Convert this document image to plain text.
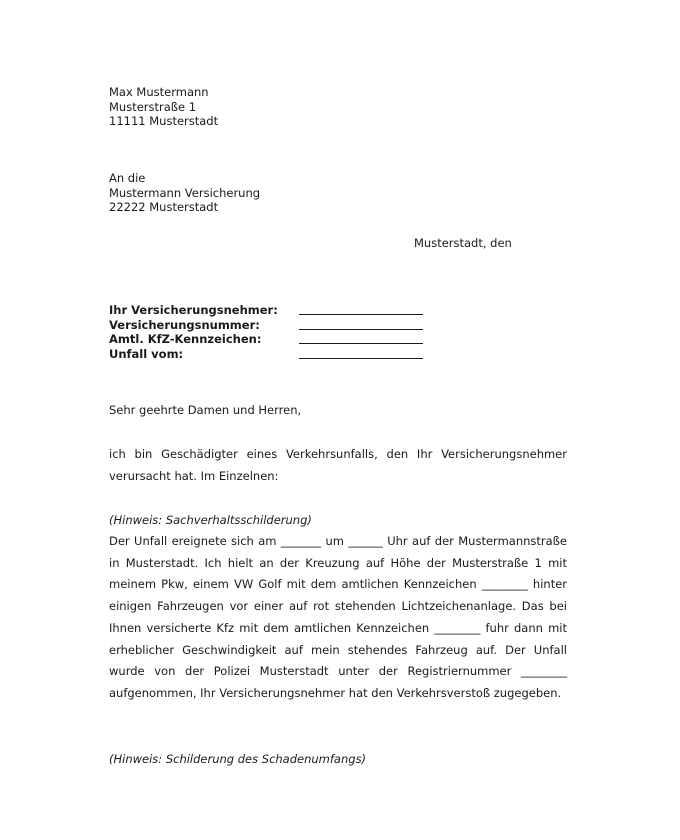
Max Mustermann
Musterstraße 1
11111 Musterstadt
An die
Mustermann Versicherung
22222 Musterstadt
Musterstadt, den
Ihr Versicherungsnehmer:
Versicherungsnummer:
Amtl. KfZ-Kennzeichen:
Unfall vom:
Sehr geehrte Damen und Herren,
ich bin Geschädigter eines Verkehrsunfalls, den Ihr Versicherungsnehmer verursacht hat. Im Einzelnen:
(Hinweis: Sachverhaltsschilderung)
Der Unfall ereignete sich am _______ um ______ Uhr auf der Mustermannstraße in Musterstadt. Ich hielt an der Kreuzung auf Höhe der Musterstraße 1 mit meinem Pkw, einem VW Golf mit dem amtlichen Kennzeichen ________ hinter einigen Fahrzeugen vor einer auf rot stehenden Lichtzeichenanlage. Das bei Ihnen versicherte Kfz mit dem amtlichen Kennzeichen ________ fuhr dann mit erheblicher Geschwindigkeit auf mein stehendes Fahrzeug auf. Der Unfall wurde von der Polizei Musterstadt unter der Registriernummer ________ aufgenommen, Ihr Versicherungsnehmer hat den Verkehrsverstoß zugegeben.
(Hinweis: Schilderung des Schadenumfangs)
